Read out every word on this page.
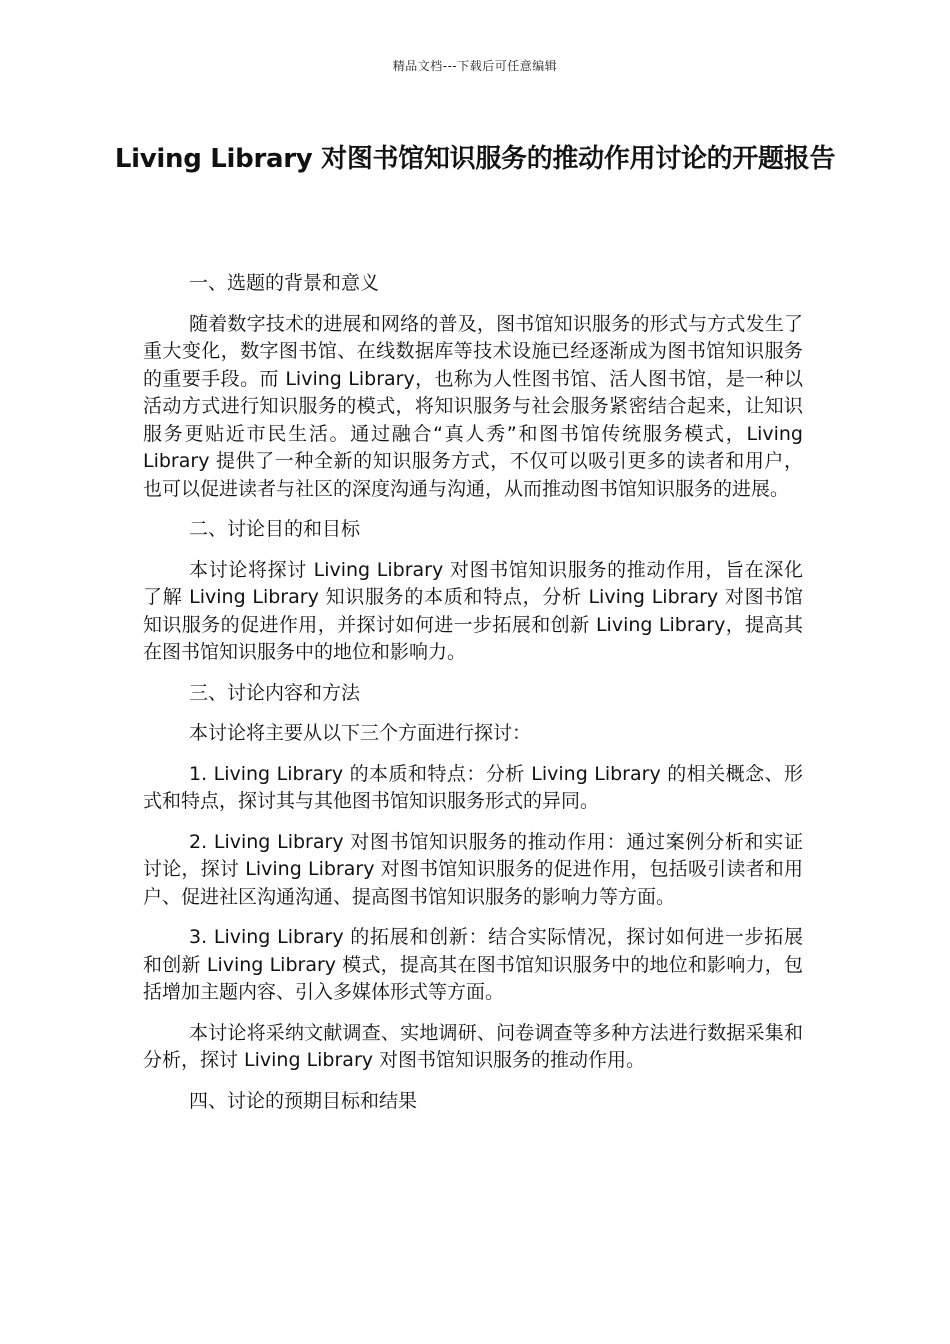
精品文档---下载后可任意编辑
Living Library 对图书馆知识服务的推动作用讨论的开题报告

一、选题的背景和意义

随着数字技术的进展和网络的普及，图书馆知识服务的形式与方式发生了重大变化，数字图书馆、在线数据库等技术设施已经逐渐成为图书馆知识服务的重要手段。而 Living Library，也称为人性图书馆、活人图书馆，是一种以活动方式进行知识服务的模式，将知识服务与社会服务紧密结合起来，让知识服务更贴近市民生活。通过融合“真人秀”和图书馆传统服务模式，Living Library 提供了一种全新的知识服务方式，不仅可以吸引更多的读者和用户，也可以促进读者与社区的深度沟通与沟通，从而推动图书馆知识服务的进展。

二、讨论目的和目标

本讨论将探讨 Living Library 对图书馆知识服务的推动作用，旨在深化了解 Living Library 知识服务的本质和特点，分析 Living Library 对图书馆知识服务的促进作用，并探讨如何进一步拓展和创新 Living Library，提高其在图书馆知识服务中的地位和影响力。

三、讨论内容和方法

本讨论将主要从以下三个方面进行探讨：

1. Living Library 的本质和特点：分析 Living Library 的相关概念、形式和特点，探讨其与其他图书馆知识服务形式的异同。

2. Living Library 对图书馆知识服务的推动作用：通过案例分析和实证讨论，探讨 Living Library 对图书馆知识服务的促进作用，包括吸引读者和用户、促进社区沟通沟通、提高图书馆知识服务的影响力等方面。

3. Living Library 的拓展和创新：结合实际情况，探讨如何进一步拓展和创新 Living Library 模式，提高其在图书馆知识服务中的地位和影响力，包括增加主题内容、引入多媒体形式等方面。

本讨论将采纳文献调查、实地调研、问卷调查等多种方法进行数据采集和分析，探讨 Living Library 对图书馆知识服务的推动作用。

四、讨论的预期目标和结果
